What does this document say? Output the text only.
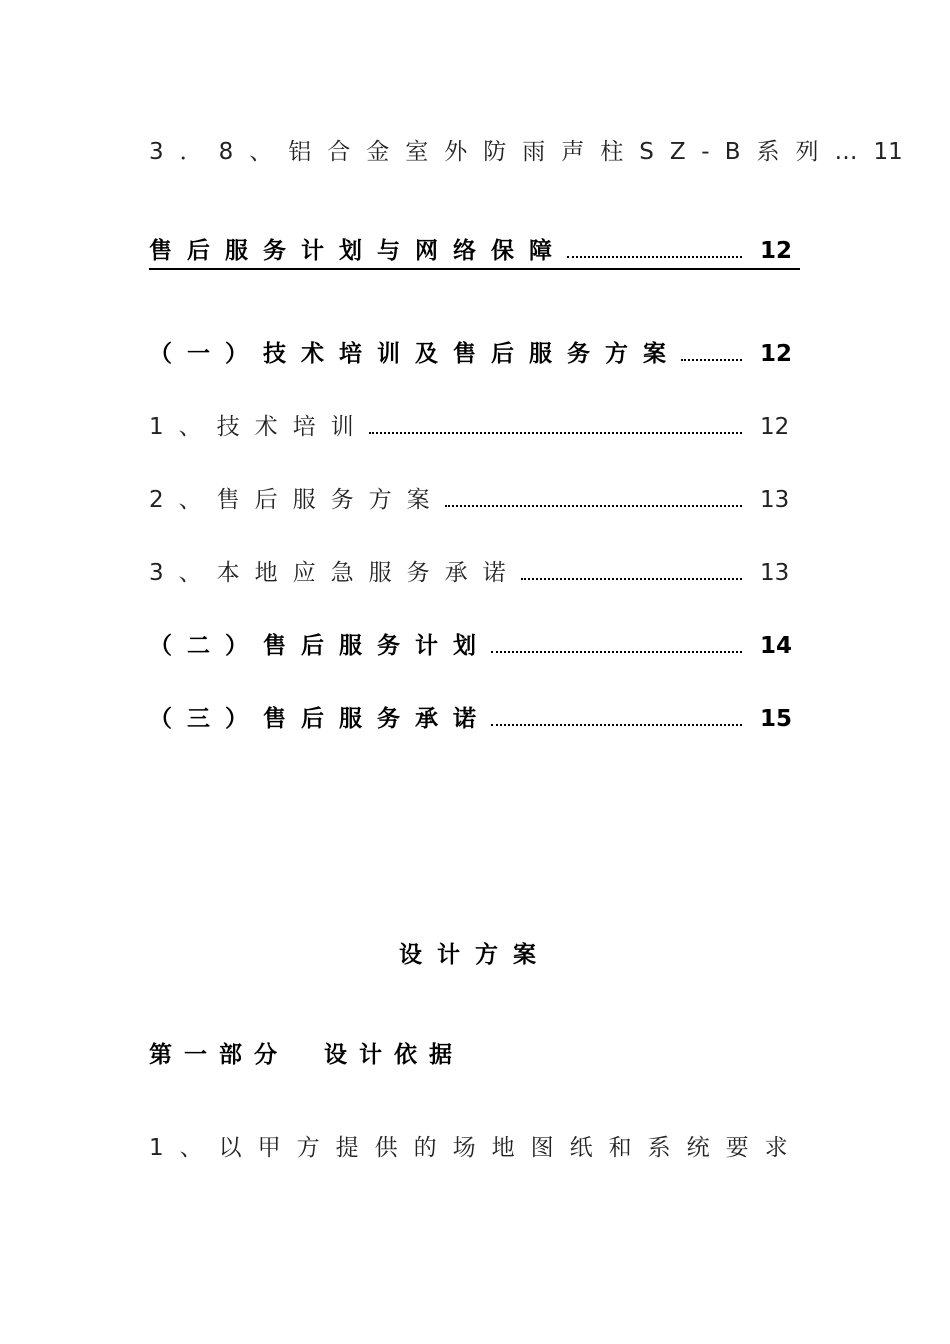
3．8、铝合金室外防雨声柱SZ-B系列…11
售后服务计划与网络保障	12
（一）技术培训及售后服务方案	12
1、技术培训	12
2、售后服务方案	13
3、本地应急服务承诺	13
（二）售后服务计划	14
（三）售后服务承诺	15
设计方案
第一部分　设计依据
1、以甲方提供的场地图纸和系统要求
